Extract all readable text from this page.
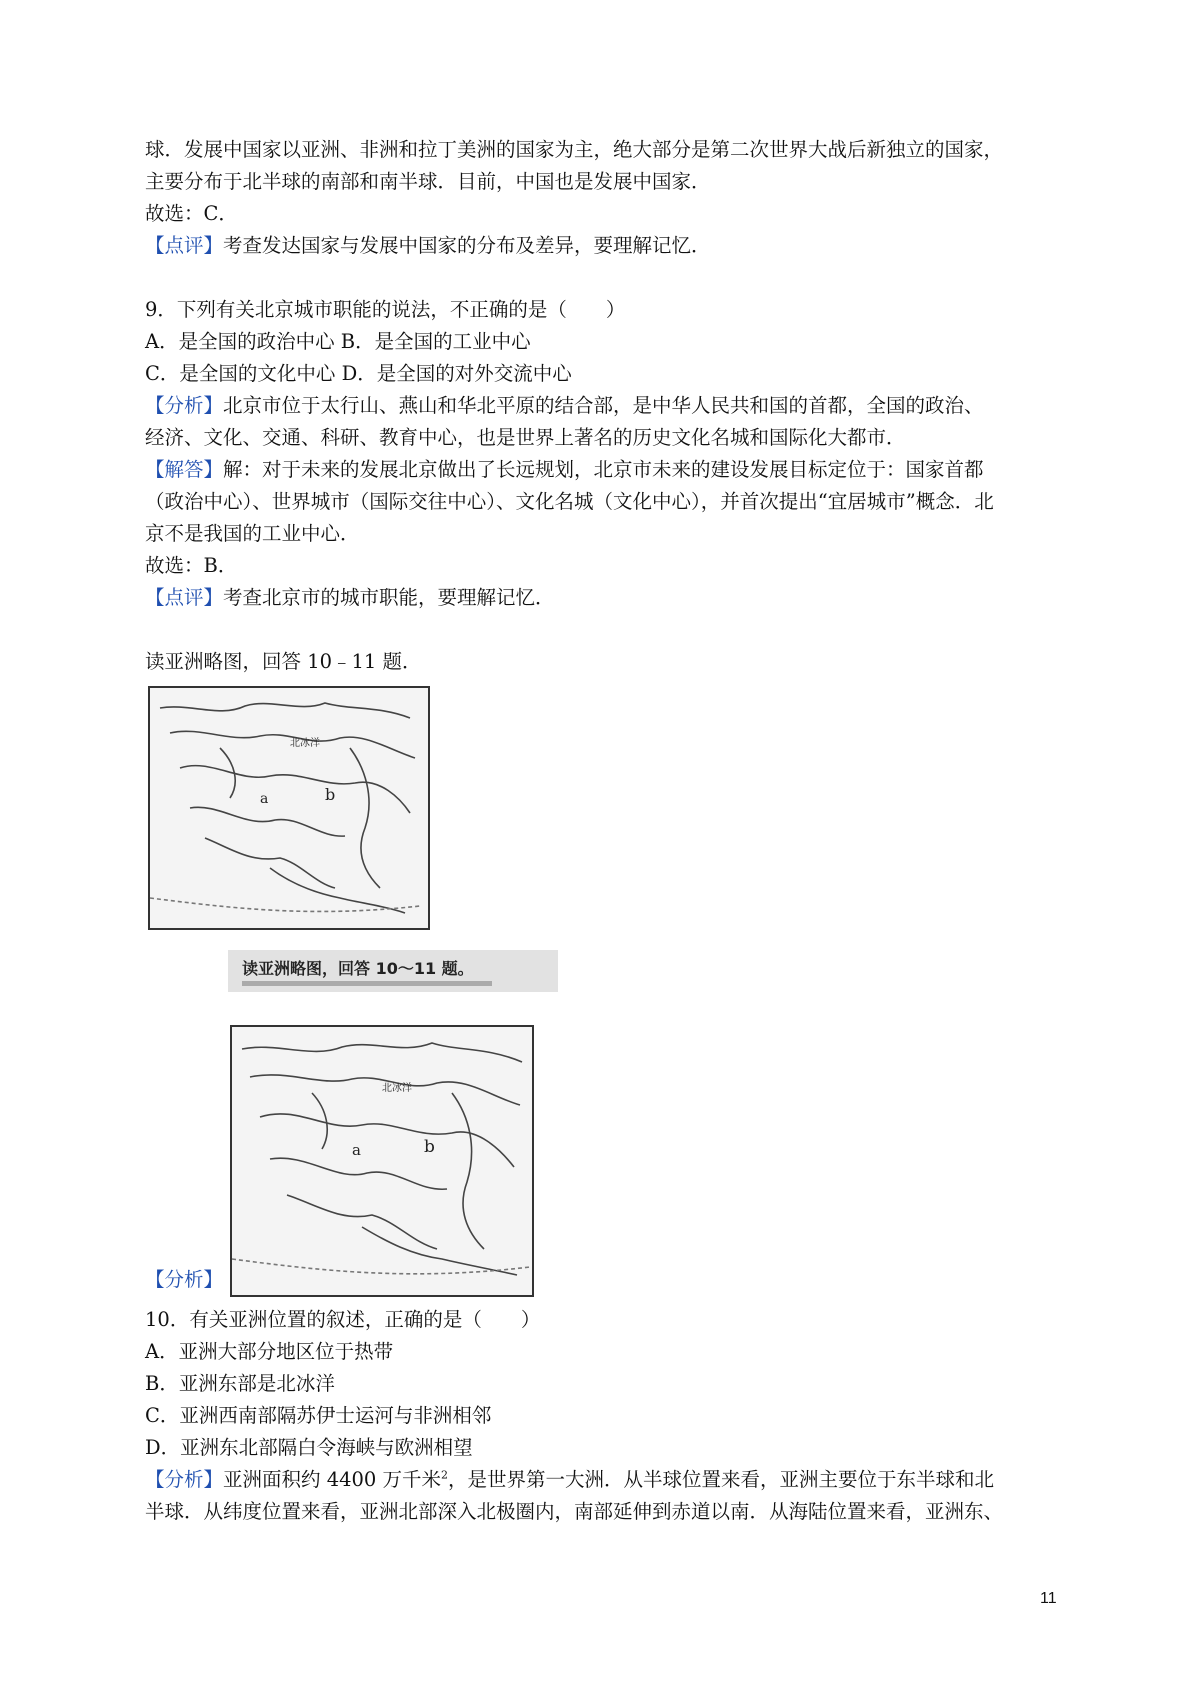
球．发展中国家以亚洲、非洲和拉丁美洲的国家为主，绝大部分是第二次世界大战后新独立的国家，
主要分布于北半球的南部和南半球．目前，中国也是发展中国家．
故选：C．
【点评】考查发达国家与发展中国家的分布及差异，要理解记忆．
9．下列有关北京城市职能的说法，不正确的是（　　）
A．是全国的政治中心 B．是全国的工业中心
C．是全国的文化中心 D．是全国的对外交流中心
【分析】北京市位于太行山、燕山和华北平原的结合部，是中华人民共和国的首都，全国的政治、
经济、文化、交通、科研、教育中心，也是世界上著名的历史文化名城和国际化大都市．
【解答】解：对于未来的发展北京做出了长远规划，北京市未来的建设发展目标定位于：国家首都
（政治中心）、世界城市（国际交往中心）、文化名城（文化中心），并首次提出“宜居城市”概念．北
京不是我国的工业中心．
故选：B．
【点评】考查北京市的城市职能，要理解记忆．
读亚洲略图，回答 10﹣11 题．
北冰洋
b
a
读亚洲略图，回答 10～11 题。
北冰洋
b
a
【分析】
10．有关亚洲位置的叙述，正确的是（　　）
A．亚洲大部分地区位于热带
B．亚洲东部是北冰洋
C．亚洲西南部隔苏伊士运河与非洲相邻
D．亚洲东北部隔白令海峡与欧洲相望
【分析】亚洲面积约 4400 万千米$^2$，是世界第一大洲．从半球位置来看，亚洲主要位于东半球和北
半球．从纬度位置来看，亚洲北部深入北极圈内，南部延伸到赤道以南．从海陆位置来看，亚洲东、
11
